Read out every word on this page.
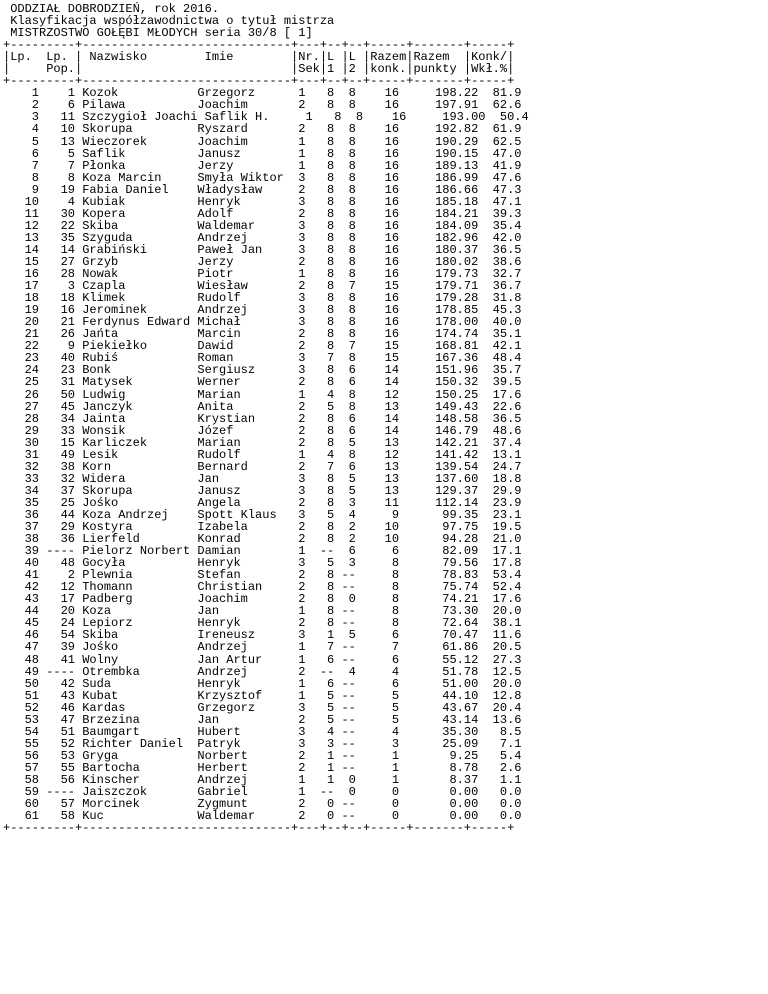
ODDZIAŁ DOBRODZIEŃ, rok 2016.
Klasyfikacja współzawodnictwa o tytuł mistrza
MISTRZOSTWO GOŁĘBI MŁODYCH seria 30/8 [ 1]
+---------+-----------------------------+---+--+--+-----+-------+-----+
|Lp.  Lp. | Nazwisko        Imie        |Nr.|L |L |Razem|Razem  |Konk/|
|     Pop.|                             |Sek|1 |2 |konk.|punkty |Wkł.%|
+---------+-----------------------------+---+--+--+-----+-------+-----+
1    1 Kozok           Grzegorz      1   8  8    16     198.22  81.9
2    6 Pilawa          Joachim       2   8  8    16     197.91  62.6
3   11 Szczygioł Joachi Saflik H.     1   8  8    16     193.00  50.4
4   10 Skorupa         Ryszard       2   8  8    16     192.82  61.9
5   13 Wieczorek       Joachim       1   8  8    16     190.29  62.5
6    5 Saflik          Janusz        1   8  8    16     190.15  47.0
7    7 Płonka          Jerzy         1   8  8    16     189.13  41.9
8    8 Koza Marcin     Smyła Wiktor  3   8  8    16     186.99  47.6
9   19 Fabia Daniel    Władysław     2   8  8    16     186.66  47.3
10    4 Kubiak          Henryk        3   8  8    16     185.18  47.1
11   30 Kopera          Adolf         2   8  8    16     184.21  39.3
12   22 Skiba           Waldemar      3   8  8    16     184.09  35.4
13   35 Szyguda         Andrzej       3   8  8    16     182.96  42.0
14   14 Grabiński       Paweł Jan     3   8  8    16     180.37  36.5
15   27 Grzyb           Jerzy         2   8  8    16     180.02  38.6
16   28 Nowak           Piotr         1   8  8    16     179.73  32.7
17    3 Czapla          Wiesław       2   8  7    15     179.71  36.7
18   18 Klimek          Rudolf        3   8  8    16     179.28  31.8
19   16 Jerominek       Andrzej       3   8  8    16     178.85  45.3
20   21 Ferdynus Edward Michał        3   8  8    16     178.00  40.0
21   26 Jańta           Marcin        2   8  8    16     174.74  35.1
22    9 Piekiełko       Dawid         2   8  7    15     168.81  42.1
23   40 Rubiś           Roman         3   7  8    15     167.36  48.4
24   23 Bonk            Sergiusz      3   8  6    14     151.96  35.7
25   31 Matysek         Werner        2   8  6    14     150.32  39.5
26   50 Ludwig          Marian        1   4  8    12     150.25  17.6
27   45 Janczyk         Anita         2   5  8    13     149.43  22.6
28   34 Jainta          Krystian      2   8  6    14     148.58  36.5
29   33 Wonsik          Józef         2   8  6    14     146.79  48.6
30   15 Karliczek       Marian        2   8  5    13     142.21  37.4
31   49 Lesik           Rudolf        1   4  8    12     141.42  13.1
32   38 Korn            Bernard       2   7  6    13     139.54  24.7
33   32 Widera          Jan           3   8  5    13     137.60  18.8
34   37 Skorupa         Janusz        3   8  5    13     129.37  29.9
35   25 Jośko           Angela        2   8  3    11     112.14  23.9
36   44 Koza Andrzej    Spott Klaus   3   5  4     9      99.35  23.1
37   29 Kostyra         Izabela       2   8  2    10      97.75  19.5
38   36 Lierfeld        Konrad        2   8  2    10      94.28  21.0
39 ---- Pielorz Norbert Damian        1  --  6     6      82.09  17.1
40   48 Gocyła          Henryk        3   5  3     8      79.56  17.8
41    2 Plewnia         Stefan        2   8 --     8      78.83  53.4
42   12 Thomann         Christian     2   8 --     8      75.74  52.4
43   17 Padberg         Joachim       2   8  0     8      74.21  17.6
44   20 Koza            Jan           1   8 --     8      73.30  20.0
45   24 Lepiorz         Henryk        2   8 --     8      72.64  38.1
46   54 Skiba           Ireneusz      3   1  5     6      70.47  11.6
47   39 Jośko           Andrzej       1   7 --     7      61.86  20.5
48   41 Wolny           Jan Artur     1   6 --     6      55.12  27.3
49 ---- Otrembka        Andrzej       2  --  4     4      51.78  12.5
50   42 Suda            Henryk        1   6 --     6      51.00  20.0
51   43 Kubat           Krzysztof     1   5 --     5      44.10  12.8
52   46 Kardas          Grzegorz      3   5 --     5      43.67  20.4
53   47 Brzezina        Jan           2   5 --     5      43.14  13.6
54   51 Baumgart        Hubert        3   4 --     4      35.30   8.5
55   52 Richter Daniel  Patryk        3   3 --     3      25.09   7.1
56   53 Gryga           Norbert       2   1 --     1       9.25   5.4
57   55 Bartocha        Herbert       2   1 --     1       8.78   2.6
58   56 Kinscher        Andrzej       1   1  0     1       8.37   1.1
59 ---- Jaiszczok       Gabriel       1  --  0     0       0.00   0.0
60   57 Morcinek        Zygmunt       2   0 --     0       0.00   0.0
61   58 Kuc             Waldemar      2   0 --     0       0.00   0.0
+---------+-----------------------------+---+--+--+-----+-------+-----+
